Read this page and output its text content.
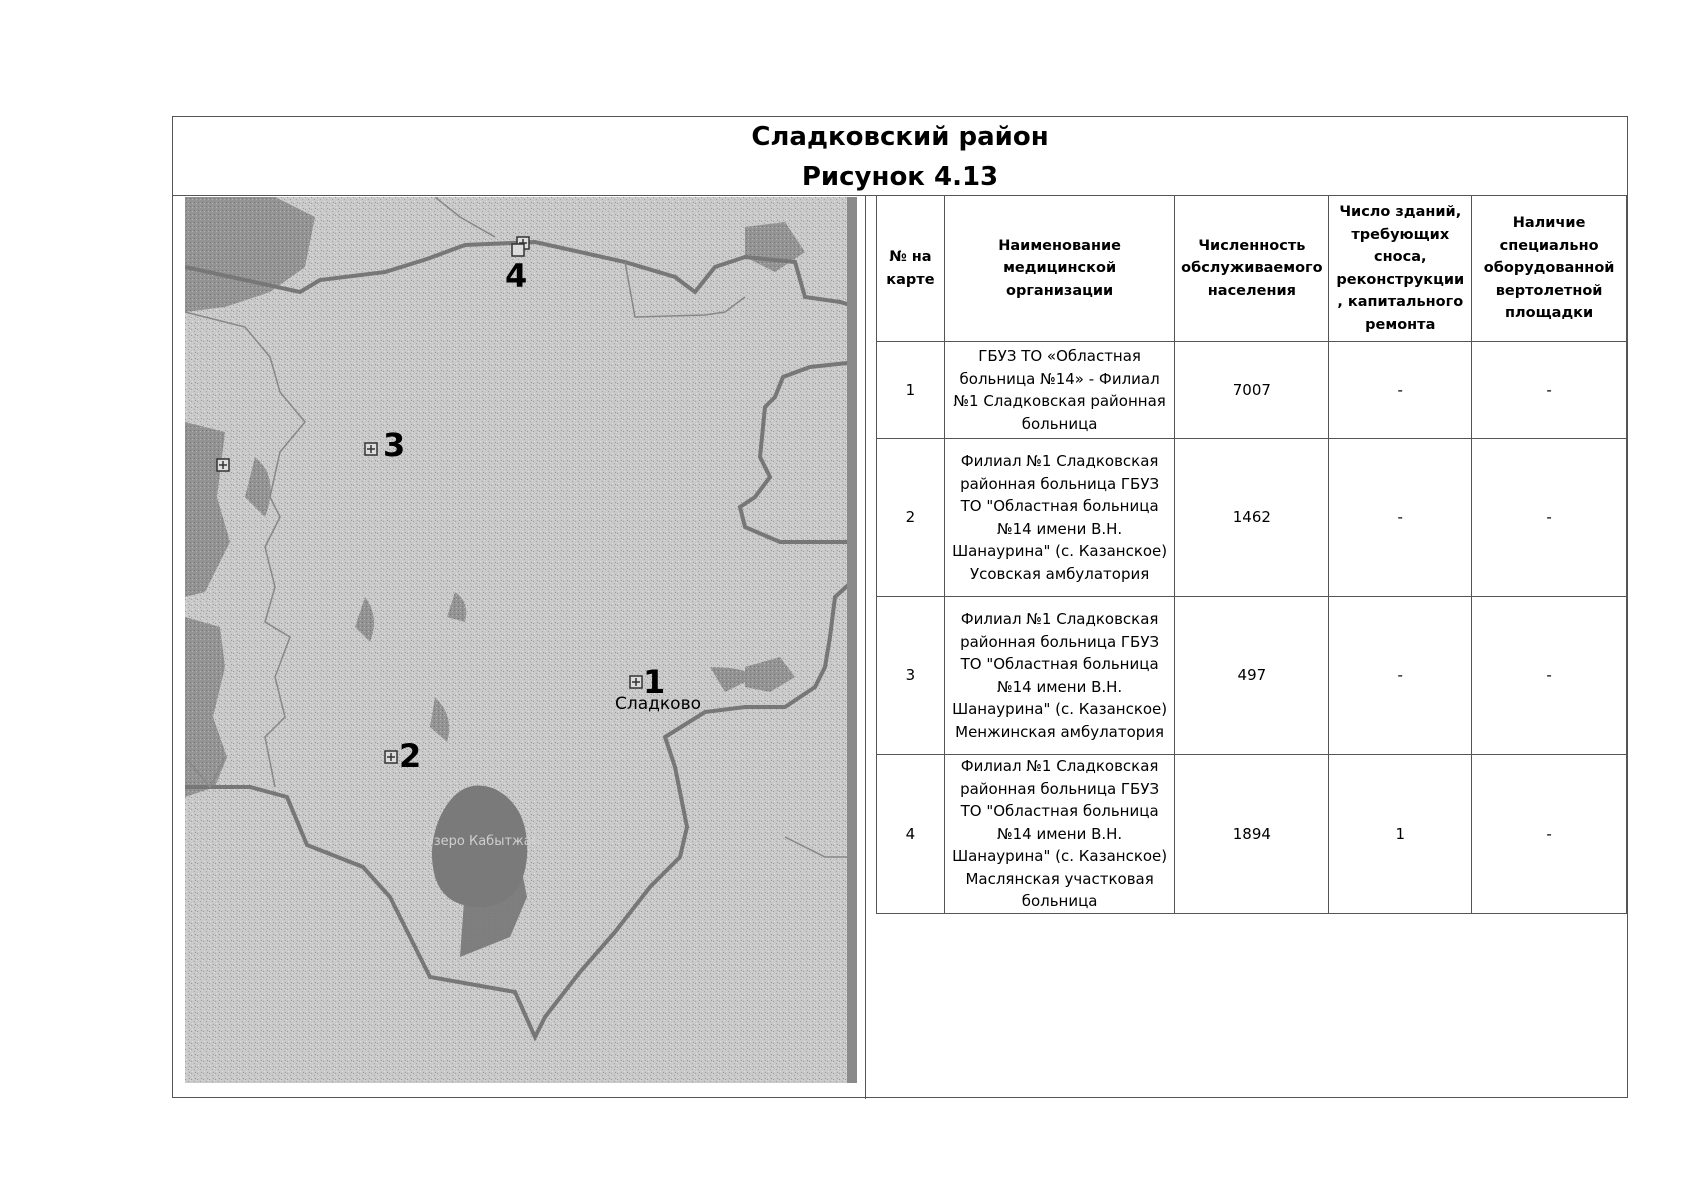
Сладковский район
Рисунок 4.13
озеро Кабытжан
1
2
3
4
Сладково
№ на карте	Наименование медицинской организации	Численность обслуживаемого населения	Число зданий, требующих сноса, реконструкции , капитального ремонта	Наличие специально оборудованной вертолетной площадки
1	ГБУЗ ТО «Областная больница №14» - Филиал №1 Сладковская районная больница	7007	-	-
2	Филиал №1 Сладковская районная больница ГБУЗ ТО "Областная больница №14 имени В.Н. Шанаурина" (с. Казанское) Усовская амбулатория	1462	-	-
3	Филиал №1 Сладковская районная больница ГБУЗ ТО "Областная больница №14 имени В.Н. Шанаурина" (с. Казанское) Менжинская амбулатория	497	-	-
4	Филиал №1 Сладковская районная больница ГБУЗ ТО "Областная больница №14 имени В.Н. Шанаурина" (с. Казанское) Маслянская участковая больница	1894	1	-
